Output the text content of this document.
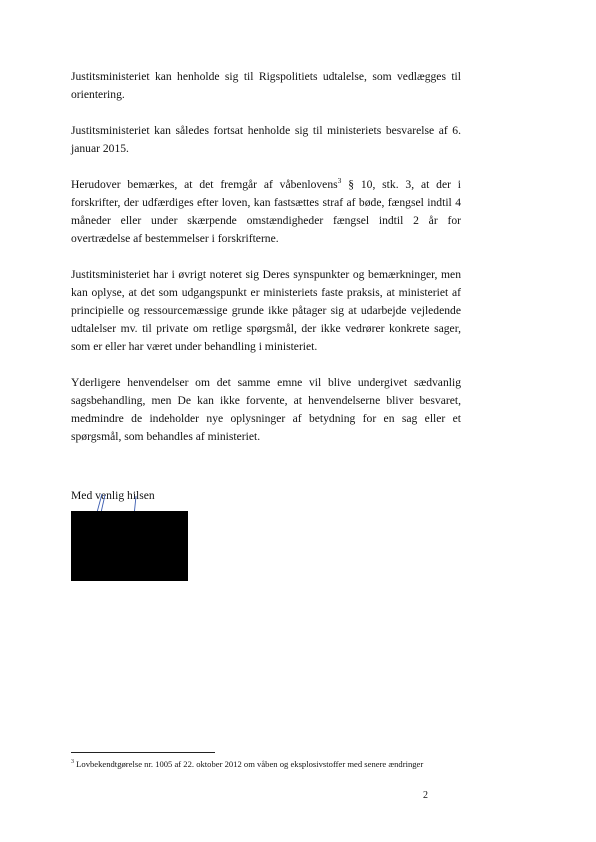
Justitsministeriet kan henholde sig til Rigspolitiets udtalelse, som vedlægges til orientering.

Justitsministeriet kan således fortsat henholde sig til ministeriets besvarelse af 6. januar 2015.

Herudover bemærkes, at det fremgår af våbenlovens$^3$ § 10, stk. 3, at der i forskrifter, der udfærdiges efter loven, kan fastsættes straf af bøde, fængsel indtil 4 måneder eller under skærpende omstændigheder fængsel indtil 2 år for overtrædelse af bestemmelser i forskrifterne.

Justitsministeriet har i øvrigt noteret sig Deres synspunkter og bemærkninger, men kan oplyse, at det som udgangspunkt er ministeriets faste praksis, at ministeriet af principielle og ressourcemæssige grunde ikke påtager sig at udarbejde vejledende udtalelser mv. til private om retlige spørgsmål, der ikke vedrører konkrete sager, som er eller har været under behandling i ministeriet.

Yderligere henvendelser om det samme emne vil blive undergivet sædvanlig sagsbehandling, men De kan ikke forvente, at henvendelserne bliver besvaret, medmindre de indeholder nye oplysninger af betydning for en sag eller et spørgsmål, som behandles af ministeriet.

Med venlig hilsen
$^3$ Lovbekendtgørelse nr. 1005 af 22. oktober 2012 om våben og eksplosivstoffer med senere ændringer
2
